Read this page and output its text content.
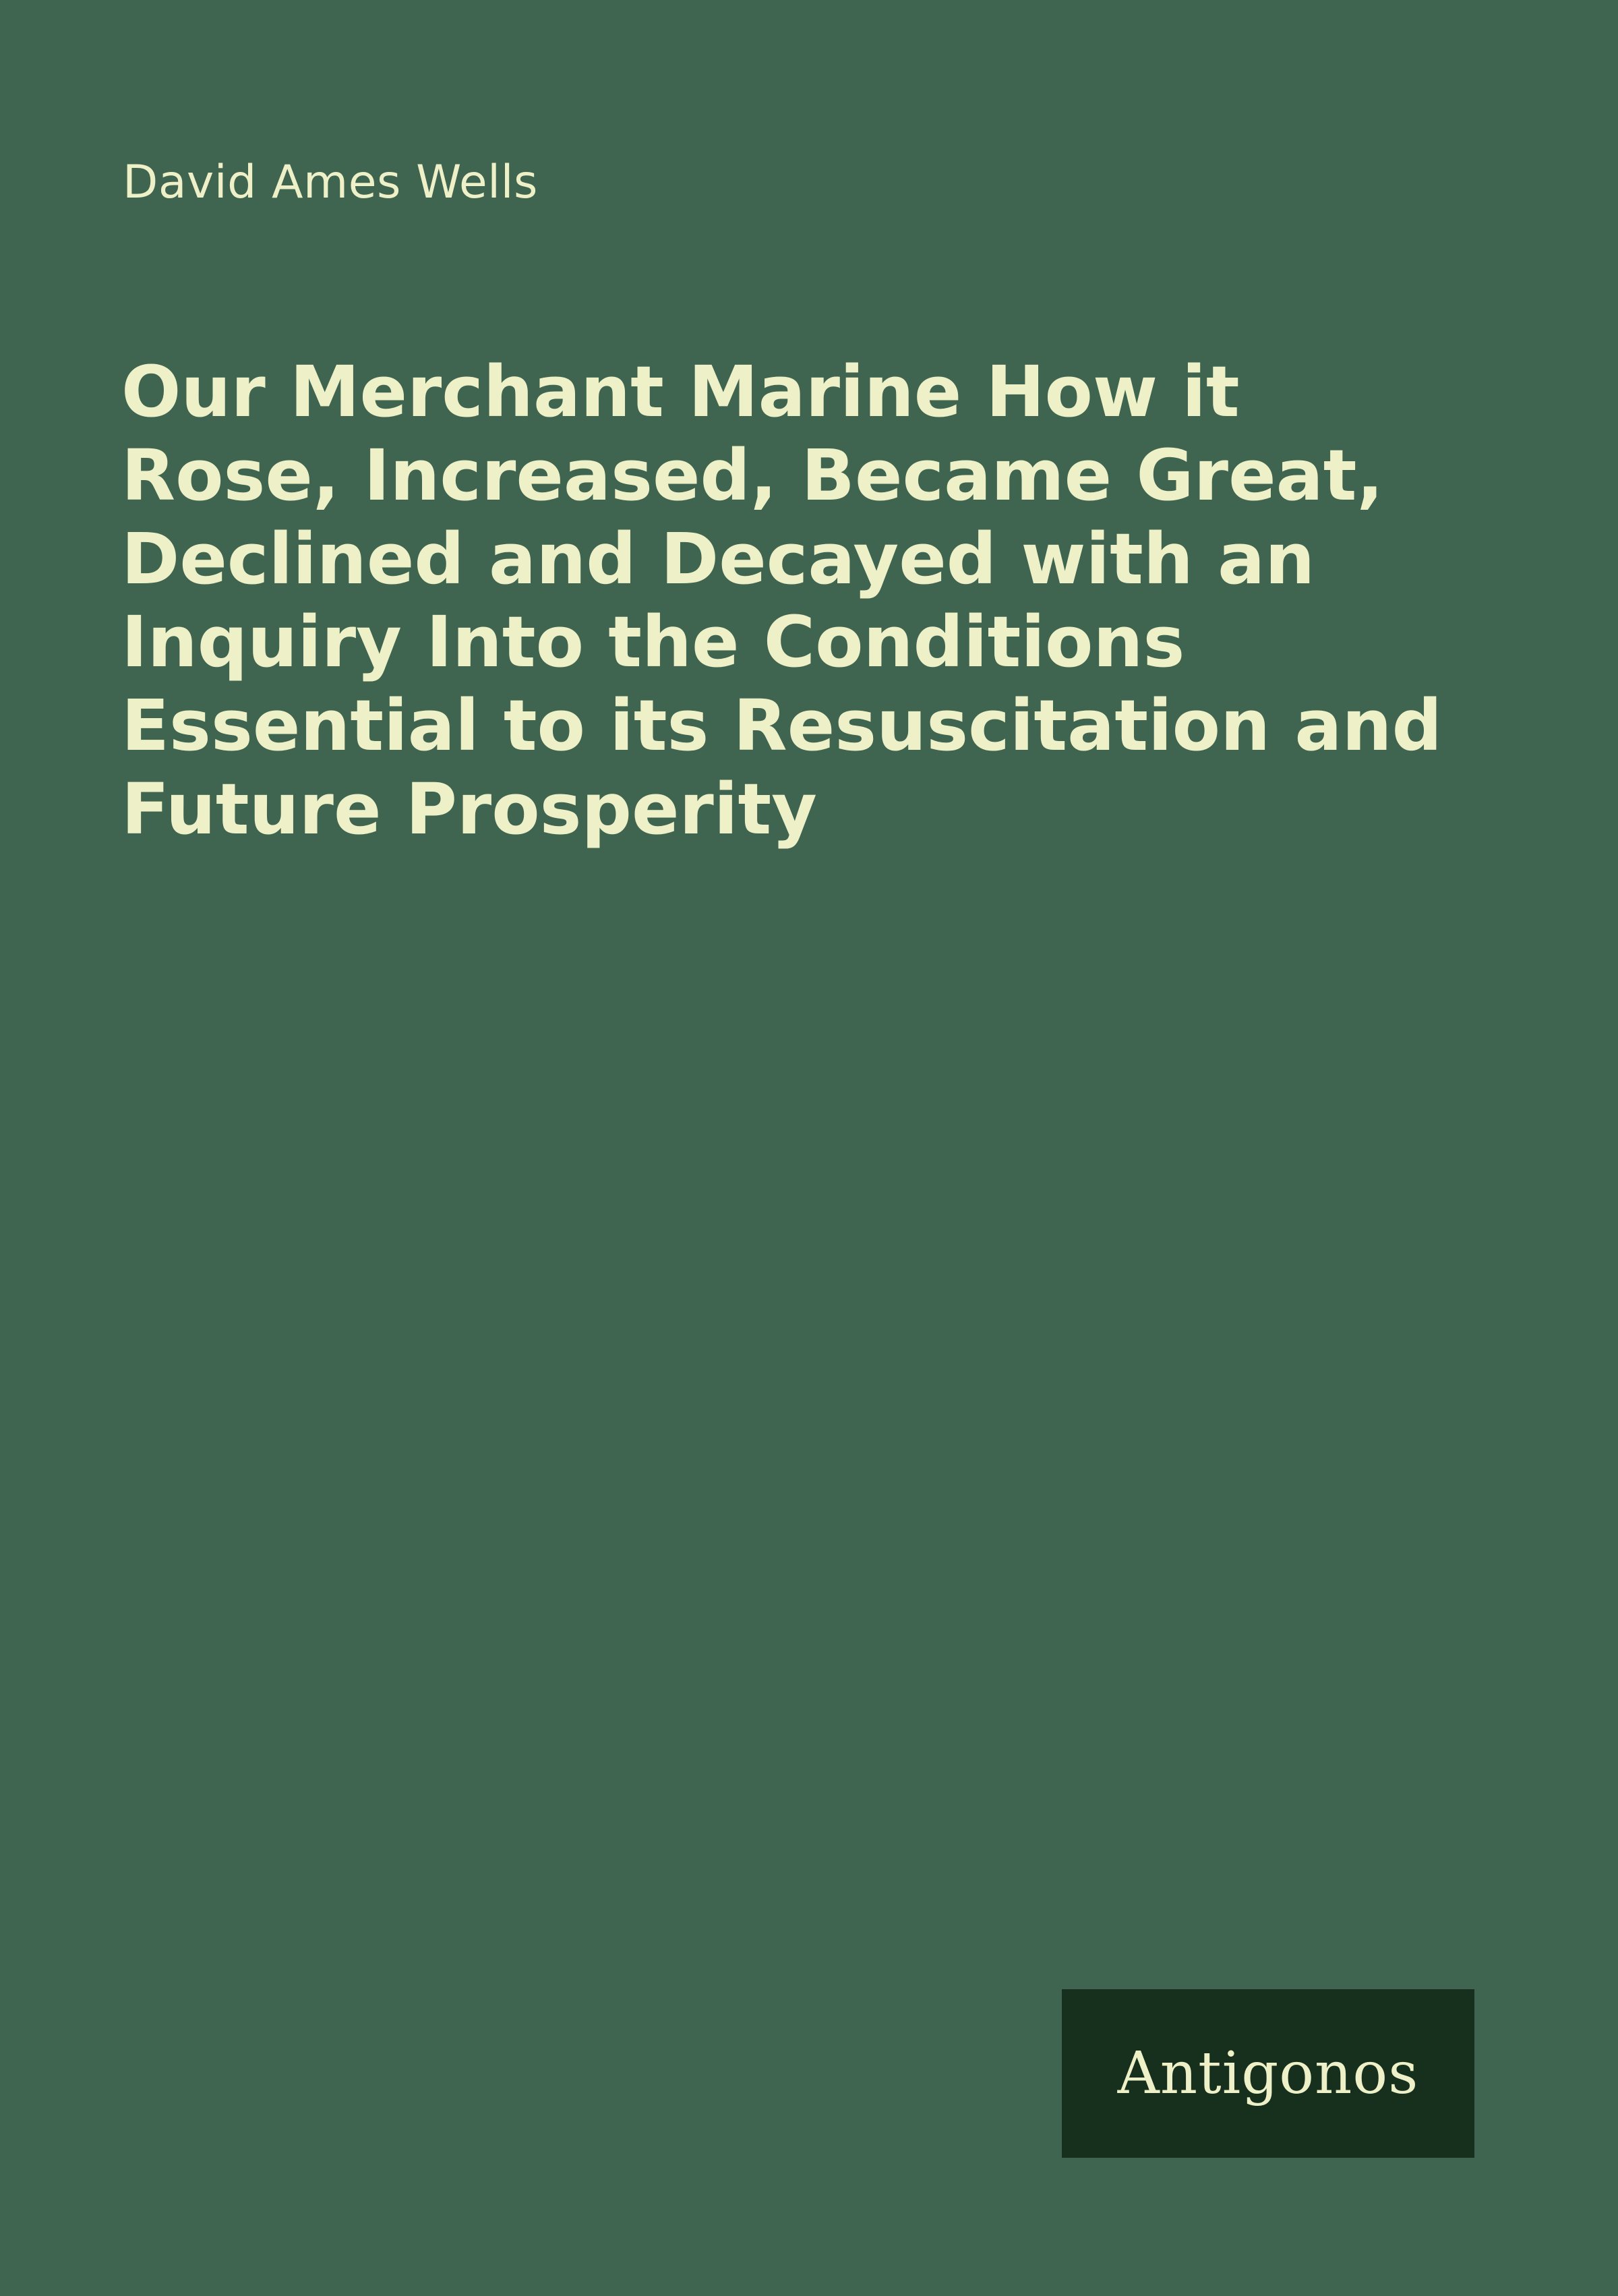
David Ames Wells
Our Merchant Marine How it Rose, Increased, Became Great, Declined and Decayed with an Inquiry Into the Conditions Essential to its Resuscitation and Future Prosperity
Antigonos
